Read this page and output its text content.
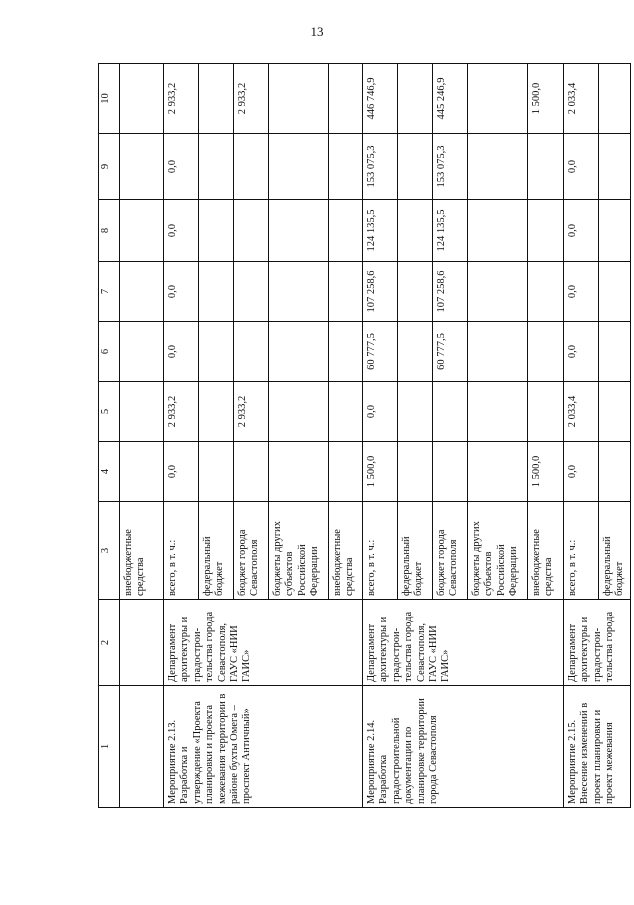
13
1	2	3	4	5	6	7	8	9	10
		внебюджетные средства							
Мероприятие 2.13. Разработка и утверждение «Проекта планировки и проекта межевания территории в районе бухты Омега – проспект Античный»	Департамент архитектуры и градострои-тельства города Севастополя, ГАУС «НИИ ГАИС»	всего, в т. ч.:	0,0	2 933,2	0,0	0,0	0,0	0,0	2 933,2
		федеральный бюджет							
		бюджет города Севастополя		2 933,2					2 933,2
		бюджеты других субъектов Российской Федерации							
		внебюджетные средства							
Мероприятие 2.14. Разработка градостроительной документации по планировке территории города Севастополя	Департамент архитектуры и градострои-тельства города Севастополя, ГАУС «НИИ ГАИС»	всего, в т. ч.:	1 500,0	0,0	60 777,5	107 258,6	124 135,5	153 075,3	446 746,9
		федеральный бюджет							
		бюджет города Севастополя			60 777,5	107 258,6	124 135,5	153 075,3	445 246,9
		бюджеты других субъектов Российской Федерации							
		внебюджетные средства	1 500,0						1 500,0
Мероприятие 2.15. Внесение изменений в проект планировки и проект межевания	Департамент архитектуры и градострои-тельства города	всего, в т. ч.:	0,0	2 033,4	0,0	0,0	0,0	0,0	2 033,4
		федеральный бюджет							
